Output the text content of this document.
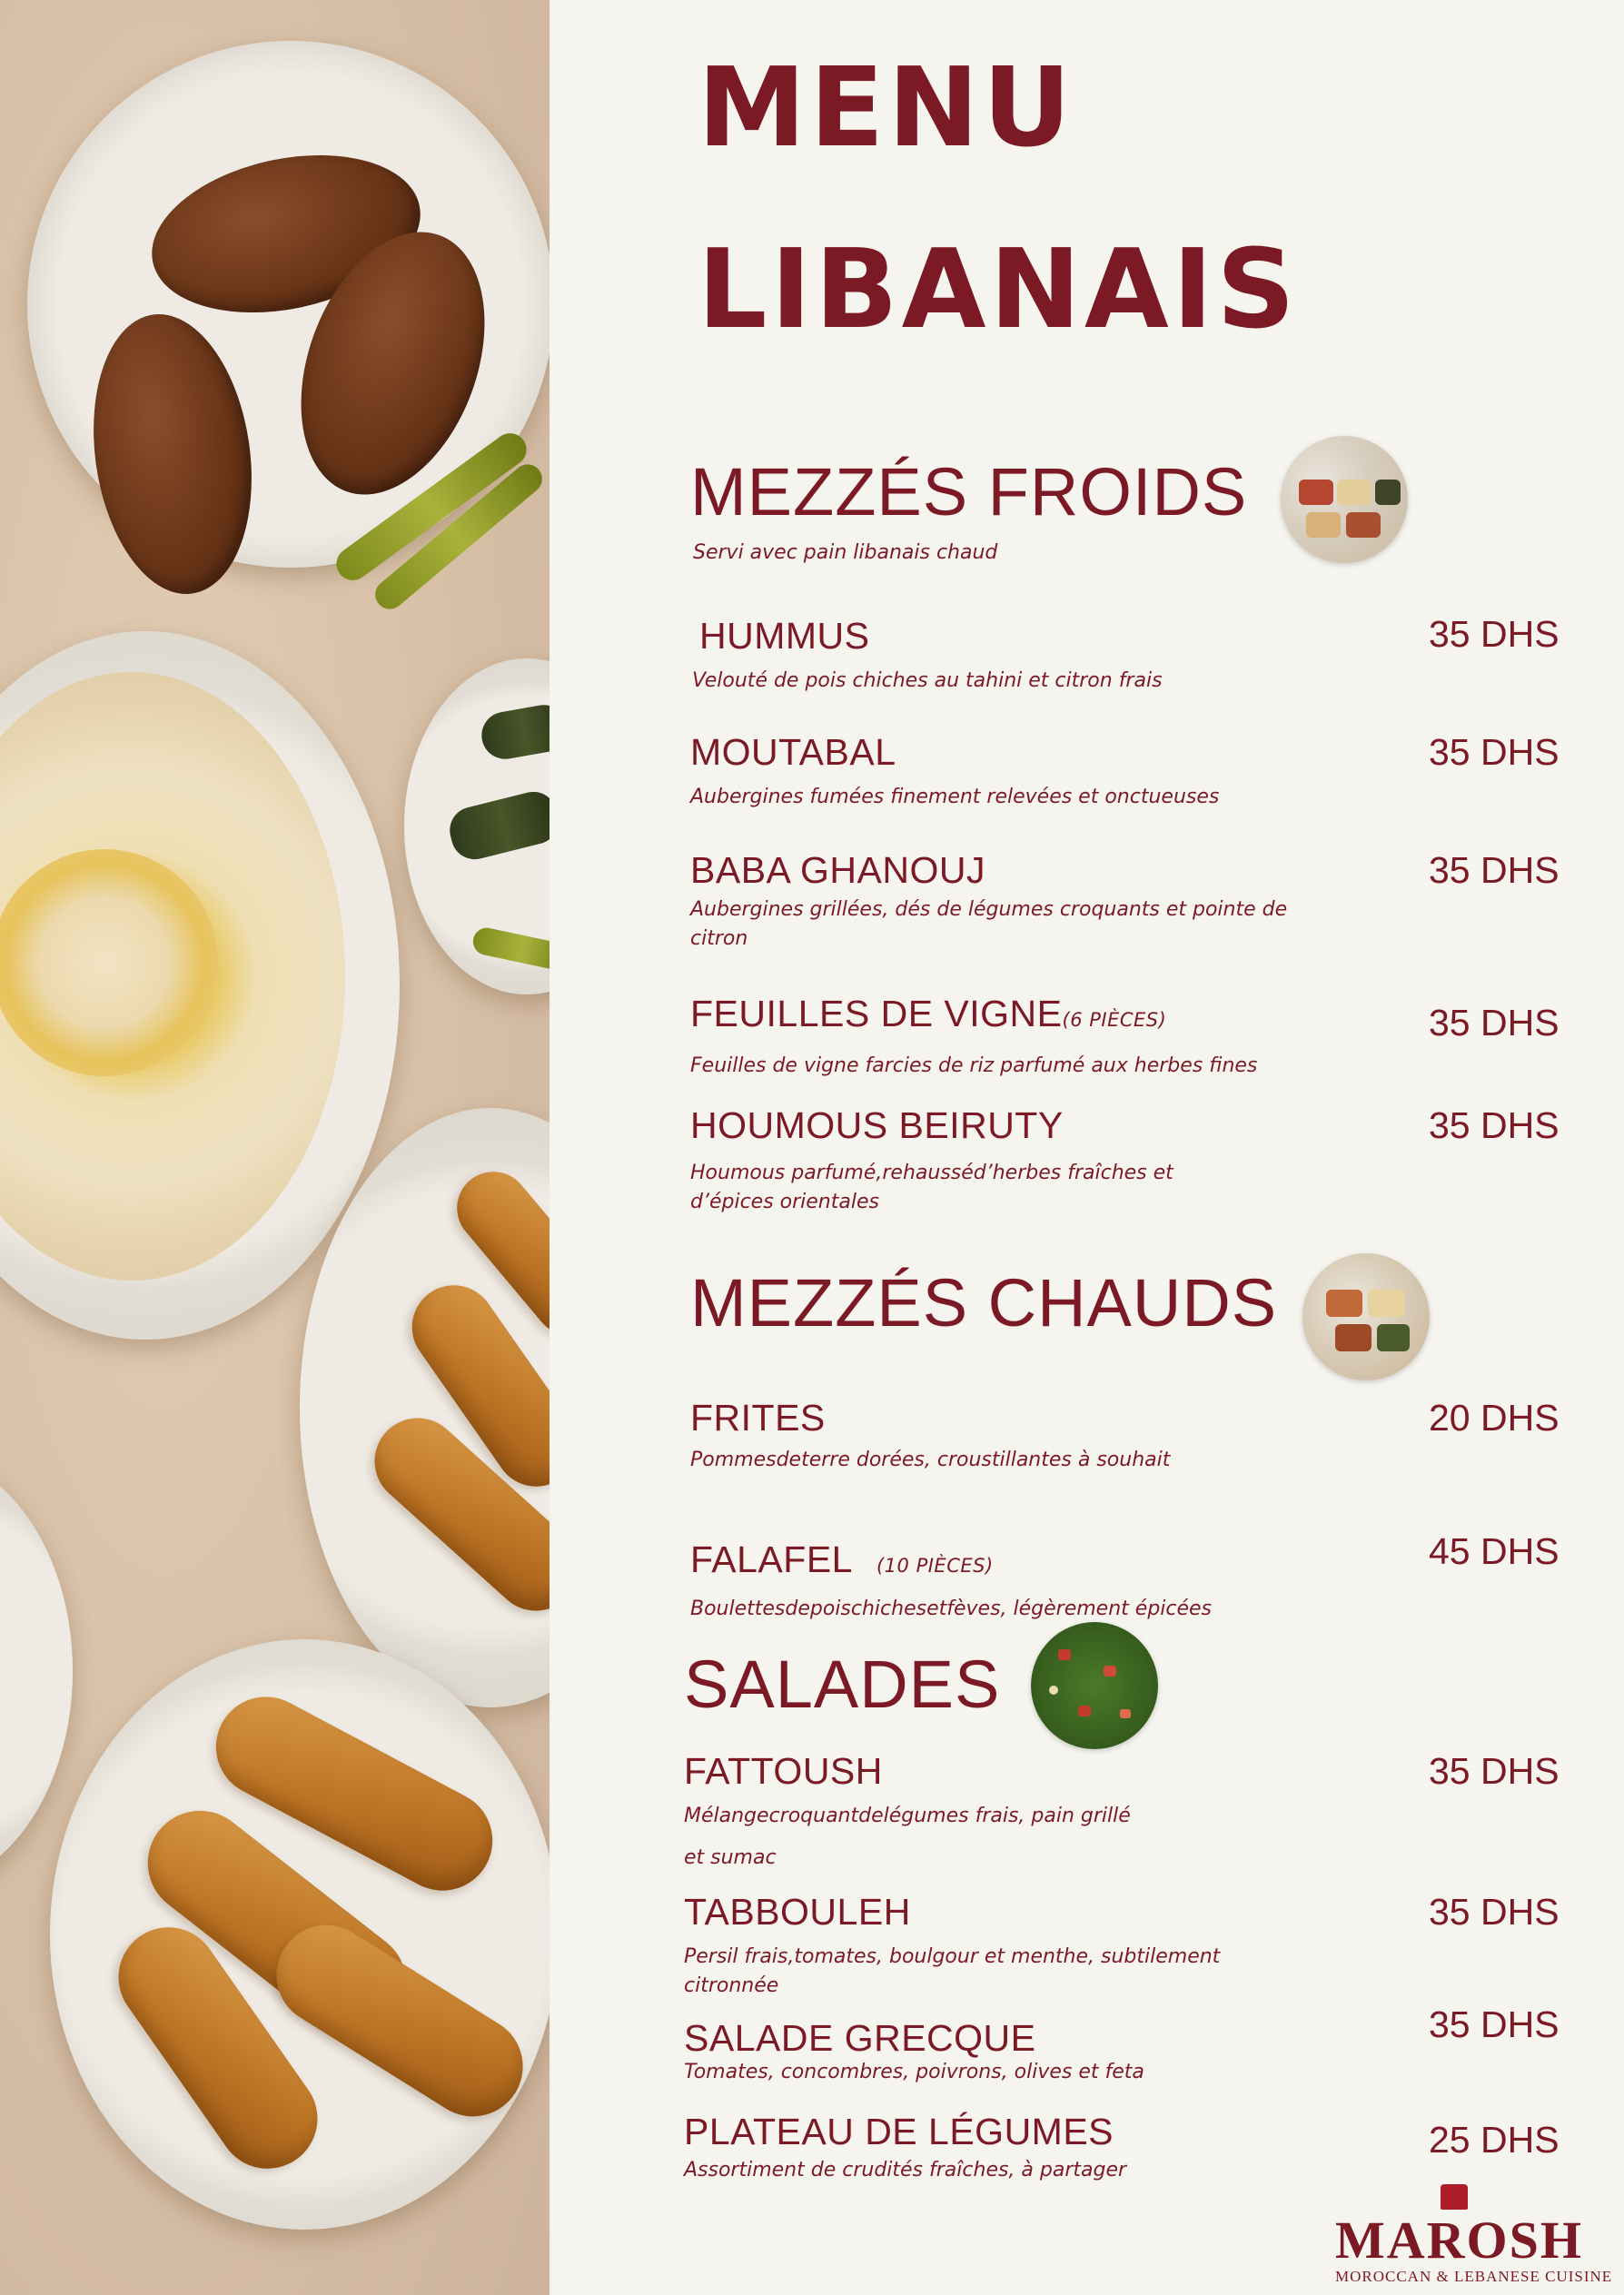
MENU
LIBANAIS
MEZZÉS FROIDS
Servi avec pain libanais chaud
HUMMUS	35 DHS
Velouté de pois chiches au tahini et citron frais
MOUTABAL	35 DHS
Aubergines fumées finement relevées et onctueuses
BABA GHANOUJ	35 DHS
Aubergines grillées, dés de légumes croquants et pointe de citron
FEUILLES DE VIGNE(6 PIÈCES)	35 DHS
Feuilles de vigne farcies de riz parfumé aux herbes fines
HOUMOUS BEIRUTY	35 DHS
Houmous parfumé,rehausséd’herbes fraîches et d’épices orientales
MEZZÉS CHAUDS
FRITES	20 DHS
Pommesdeterre dorées, croustillantes à souhait
FALAFEL (10 PIÈCES)	45 DHS
Boulettesdepoischichesetfèves, légèrement épicées
SALADES
FATTOUSH	35 DHS
Mélangecroquantdelégumes frais, pain grillé
et sumac
TABBOULEH	35 DHS
Persil frais,tomates, boulgour et menthe, subtilement citronnée
SALADE GRECQUE	35 DHS
Tomates, concombres, poivrons, olives et feta
PLATEAU DE LÉGUMES	25 DHS
Assortiment de crudités fraîches, à partager
MAROSH
MOROCCAN & LEBANESE CUISINE
